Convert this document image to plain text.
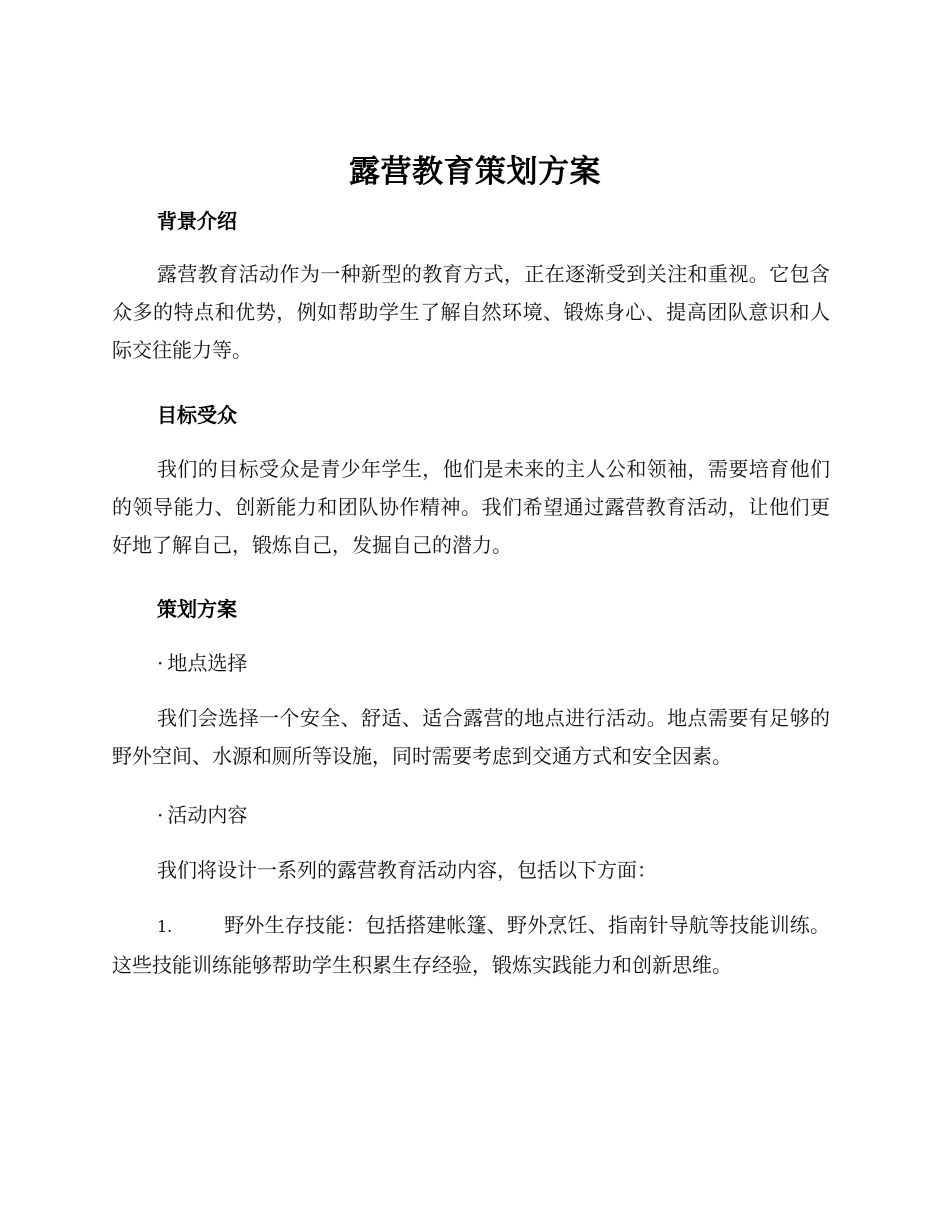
露营教育策划方案
背景介绍
露营教育活动作为一种新型的教育方式，正在逐渐受到关注和重视。它包含众多的特点和优势，例如帮助学生了解自然环境、锻炼身心、提高团队意识和人际交往能力等。
目标受众
我们的目标受众是青少年学生，他们是未来的主人公和领袖，需要培育他们的领导能力、创新能力和团队协作精神。我们希望通过露营教育活动，让他们更好地了解自己，锻炼自己，发掘自己的潜力。
策划方案
· 地点选择
我们会选择一个安全、舒适、适合露营的地点进行活动。地点需要有足够的野外空间、水源和厕所等设施，同时需要考虑到交通方式和安全因素。
· 活动内容
我们将设计一系列的露营教育活动内容，包括以下方面：
1.	野外生存技能：包括搭建帐篷、野外烹饪、指南针导航等技能训练。这些技能训练能够帮助学生积累生存经验，锻炼实践能力和创新思维。
